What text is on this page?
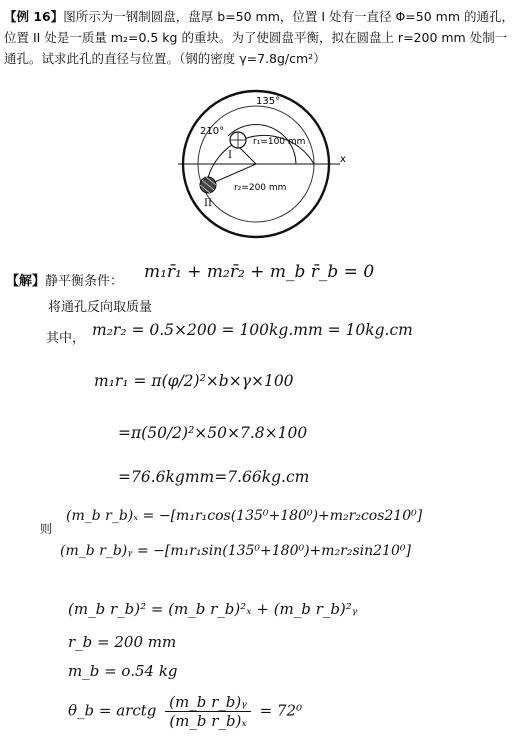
【例 16】图所示为一钢制圆盘，盘厚 b=50 mm，位置 I 处有一直径 Φ=50 mm 的通孔，位置 II 处是一质量 m₂=0.5 kg 的重块。为了使圆盘平衡，拟在圆盘上 r=200 mm 处制一通孔。试求此孔的直径与位置。（钢的密度 γ=7.8g/cm²）
x
135°
210°
I
r₁=100 mm
II
r₂=200 mm
【解】静平衡条件： m₁r̄₁ + m₂r̄₂ + m_b r̄_b = 0
将通孔反向取质量
其中， m₂r₂ = 0.5×200 = 100kg.mm = 10kg.cm
m₁r₁ = π(φ/2)²×b×γ×100
=π(50/2)²×50×7.8×100
=76.6kgmm=7.66kg.cm
则
(m_b r_b)ₓ = −[m₁r₁cos(135⁰+180⁰)+m₂r₂cos210⁰]
(m_b r_b)ᵧ = −[m₁r₁sin(135⁰+180⁰)+m₂r₂sin210⁰]
(m_b r_b)² = (m_b r_b)²ₓ + (m_b r_b)²ᵧ
r_b = 200 mm
m_b = o.54 kg
θ_b = arctg $\frac{\text{(m\_b r\_b)ᵧ}}{\text{(m\_b r\_b)ₓ}} = 72^0$
